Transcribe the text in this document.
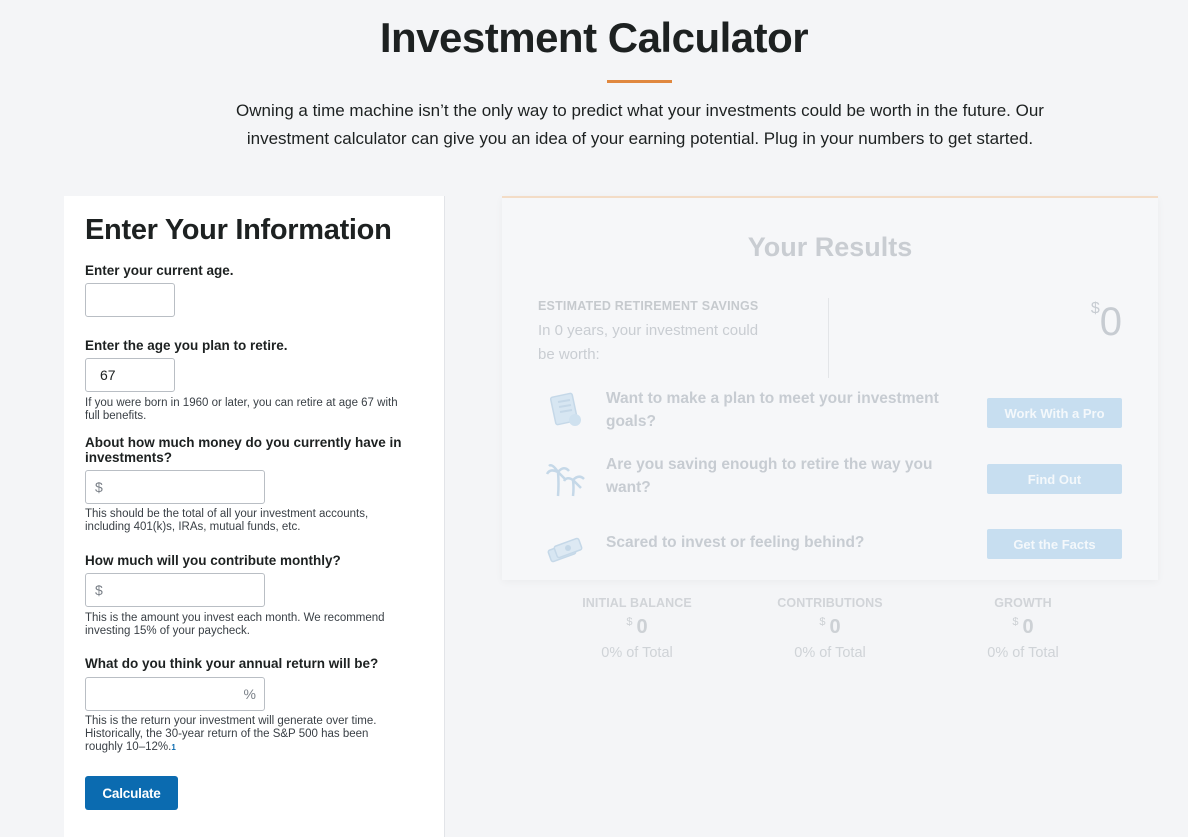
Investment Calculator
Owning a time machine isn’t the only way to predict what your investments could be worth in the future. Our
investment calculator can give you an idea of your earning potential. Plug in your numbers to get started.
Enter Your Information
Enter your current age.
Enter the age you plan to retire.
67
If you were born in 1960 or later, you can retire at age 67 with
full benefits.
About how much money do you currently have in
investments?
$
This should be the total of all your investment accounts,
including 401(k)s, IRAs, mutual funds, etc.
How much will you contribute monthly?
$
This is the amount you invest each month. We recommend
investing 15% of your paycheck.
What do you think your annual return will be?
%
This is the return your investment will generate over time.
Historically, the 30-year return of the S&P 500 has been
roughly 10–12%.$^1$
Calculate
Your Results
ESTIMATED RETIREMENT SAVINGS
In 0 years, your investment could
be worth:
$0
Want to make a plan to meet your investment
goals?	Work With a Pro
Are you saving enough to retire the way you
want?	Find Out
Scared to invest or feeling behind?	Get the Facts
INITIAL BALANCE
$ 0
0% of Total
CONTRIBUTIONS
$ 0
0% of Total
GROWTH
$ 0
0% of Total
